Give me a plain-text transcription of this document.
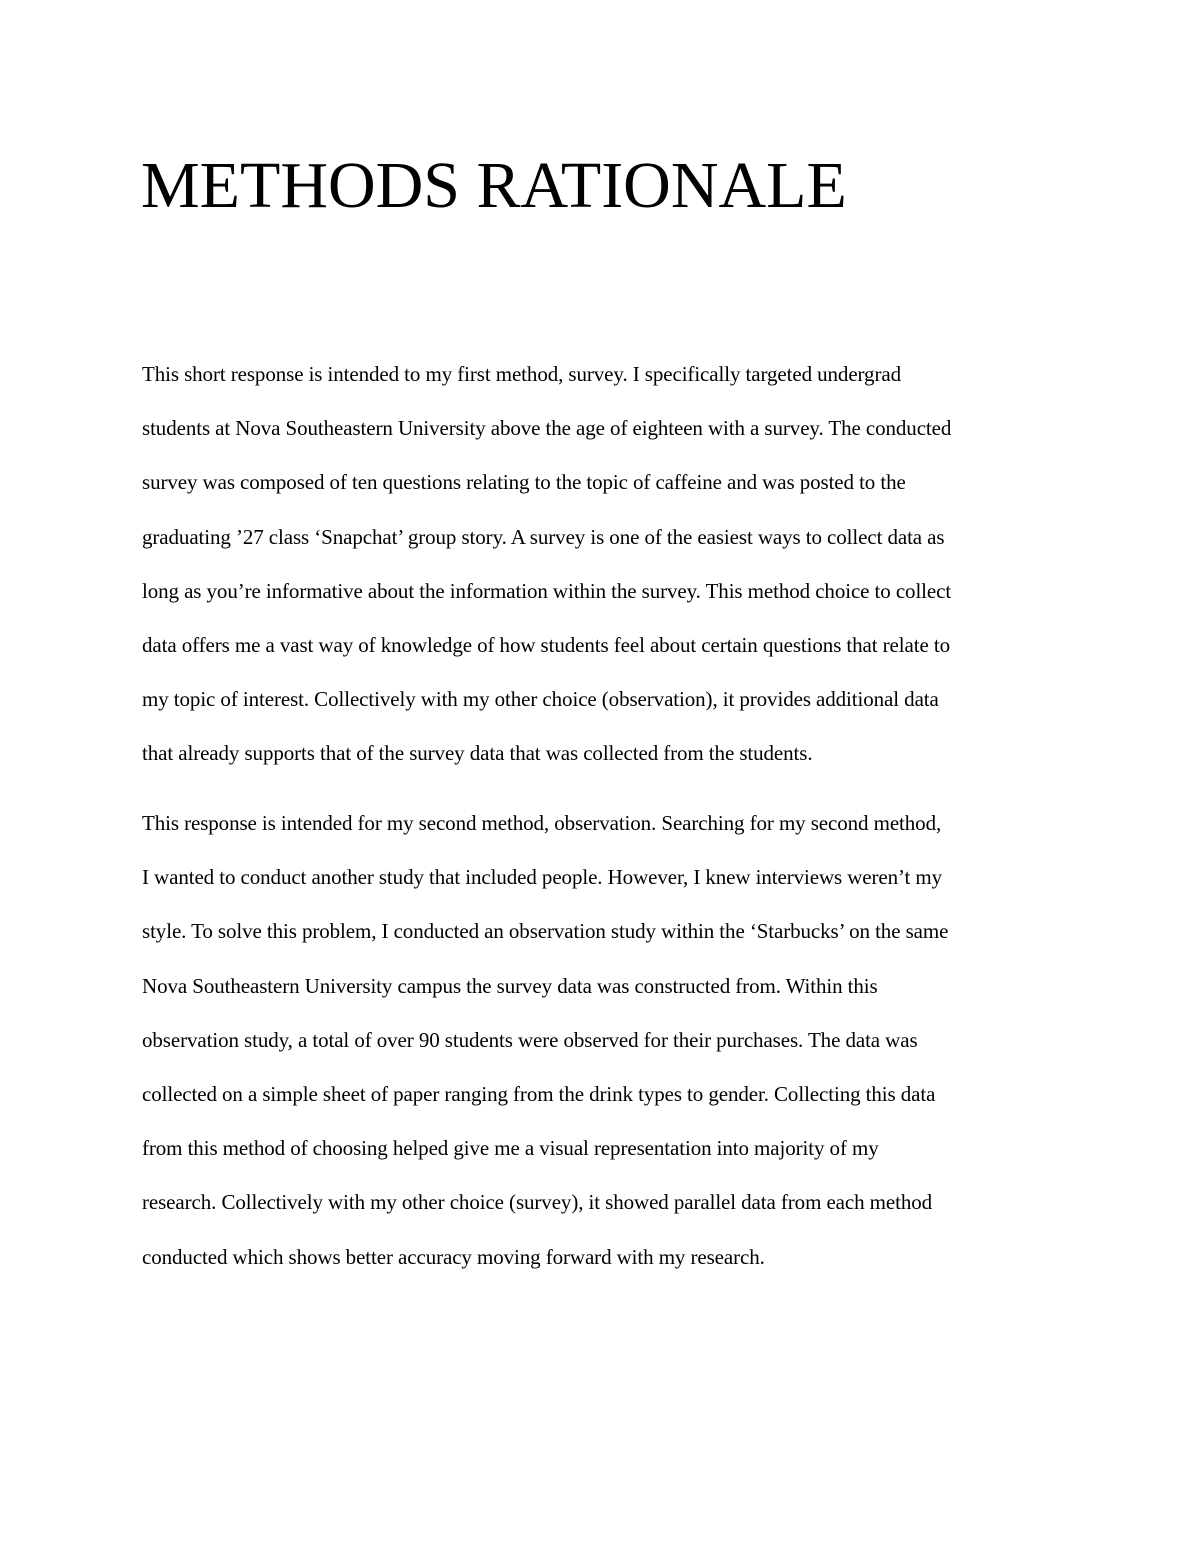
METHODS RATIONALE

This short response is intended to my first method, survey. I specifically targeted undergrad
students at Nova Southeastern University above the age of eighteen with a survey. The conducted
survey was composed of ten questions relating to the topic of caffeine and was posted to the
graduating ’27 class ‘Snapchat’ group story. A survey is one of the easiest ways to collect data as
long as you’re informative about the information within the survey. This method choice to collect
data offers me a vast way of knowledge of how students feel about certain questions that relate to
my topic of interest. Collectively with my other choice (observation), it provides additional data
that already supports that of the survey data that was collected from the students.

This response is intended for my second method, observation. Searching for my second method,
I wanted to conduct another study that included people. However, I knew interviews weren’t my
style. To solve this problem, I conducted an observation study within the ‘Starbucks’ on the same
Nova Southeastern University campus the survey data was constructed from. Within this
observation study, a total of over 90 students were observed for their purchases. The data was
collected on a simple sheet of paper ranging from the drink types to gender. Collecting this data
from this method of choosing helped give me a visual representation into majority of my
research. Collectively with my other choice (survey), it showed parallel data from each method
conducted which shows better accuracy moving forward with my research.
